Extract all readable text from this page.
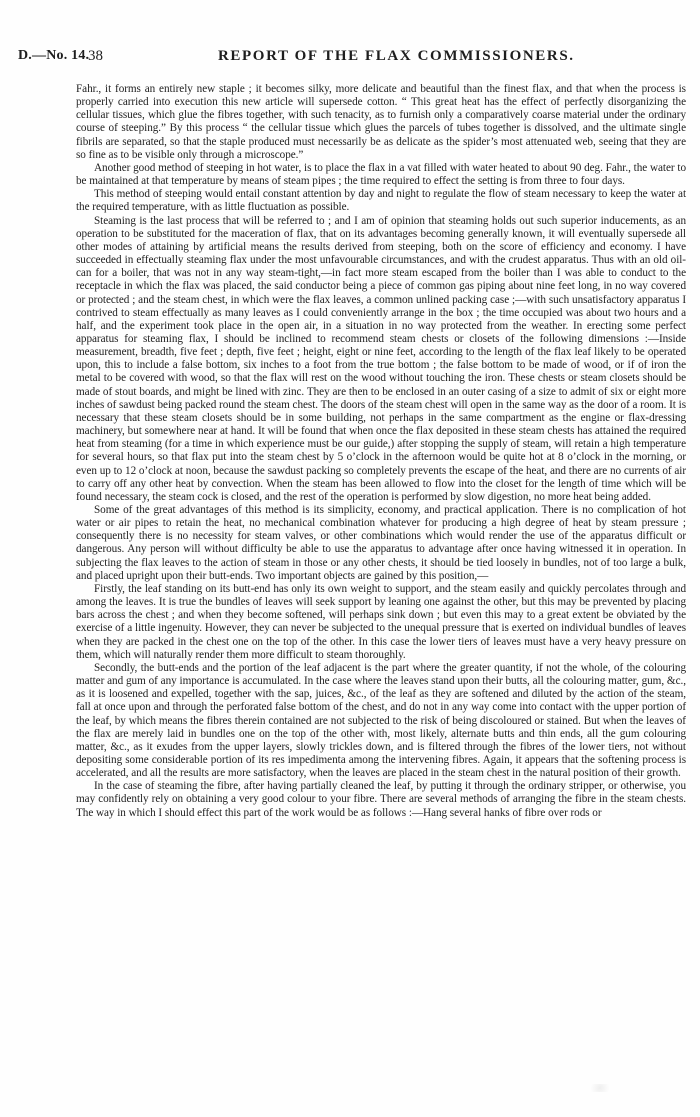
D.—No. 14.
38	REPORT OF THE FLAX COMMISSIONERS.

Fahr., it forms an entirely new staple ; it becomes silky, more delicate and beautiful than the finest flax, and that when the process is properly carried into execution this new article will supersede cotton. “ This great heat has the effect of perfectly disorganizing the cellular tissues, which glue the fibres together, with such tenacity, as to furnish only a comparatively coarse material under the ordinary course of steeping.” By this process “ the cellular tissue which glues the parcels of tubes together is dissolved, and the ultimate single fibrils are separated, so that the staple produced must necessarily be as delicate as the spider’s most attenuated web, seeing that they are so fine as to be visible only through a microscope.”

Another good method of steeping in hot water, is to place the flax in a vat filled with water heated to about 90 deg. Fahr., the water to be maintained at that temperature by means of steam pipes ; the time required to effect the setting is from three to four days.

This method of steeping would entail constant attention by day and night to regulate the flow of steam necessary to keep the water at the required temperature, with as little fluctuation as possible.

Steaming is the last process that will be referred to ; and I am of opinion that steaming holds out such superior inducements, as an operation to be substituted for the maceration of flax, that on its advantages becoming generally known, it will eventually supersede all other modes of attaining by artificial means the results derived from steeping, both on the score of efficiency and economy. I have succeeded in effectually steaming flax under the most unfavourable circumstances, and with the crudest apparatus. Thus with an old oil-can for a boiler, that was not in any way steam-tight,—in fact more steam escaped from the boiler than I was able to conduct to the receptacle in which the flax was placed, the said conductor being a piece of common gas piping about nine feet long, in no way covered or protected ; and the steam chest, in which were the flax leaves, a common unlined packing case ;—with such unsatisfactory apparatus I contrived to steam effectually as many leaves as I could conveniently arrange in the box ; the time occupied was about two hours and a half, and the experiment took place in the open air, in a situation in no way protected from the weather. In erecting some perfect apparatus for steaming flax, I should be inclined to recommend steam chests or closets of the following dimensions :—Inside measurement, breadth, five feet ; depth, five feet ; height, eight or nine feet, according to the length of the flax leaf likely to be operated upon, this to include a false bottom, six inches to a foot from the true bottom ; the false bottom to be made of wood, or if of iron the metal to be covered with wood, so that the flax will rest on the wood without touching the iron. These chests or steam closets should be made of stout boards, and might be lined with zinc. They are then to be enclosed in an outer casing of a size to admit of six or eight more inches of sawdust being packed round the steam chest. The doors of the steam chest will open in the same way as the door of a room. It is necessary that these steam closets should be in some building, not perhaps in the same compartment as the engine or flax-dressing machinery, but somewhere near at hand. It will be found that when once the flax deposited in these steam chests has attained the required heat from steaming (for a time in which experience must be our guide,) after stopping the supply of steam, will retain a high temperature for several hours, so that flax put into the steam chest by 5 o’clock in the afternoon would be quite hot at 8 o’clock in the morning, or even up to 12 o’clock at noon, because the sawdust packing so completely prevents the escape of the heat, and there are no currents of air to carry off any other heat by convection. When the steam has been allowed to flow into the closet for the length of time which will be found necessary, the steam cock is closed, and the rest of the operation is performed by slow digestion, no more heat being added.

Some of the great advantages of this method is its simplicity, economy, and practical application. There is no complication of hot water or air pipes to retain the heat, no mechanical combination whatever for producing a high degree of heat by steam pressure ; consequently there is no necessity for steam valves, or other combinations which would render the use of the apparatus difficult or dangerous. Any person will without difficulty be able to use the apparatus to advantage after once having witnessed it in operation. In subjecting the flax leaves to the action of steam in those or any other chests, it should be tied loosely in bundles, not of too large a bulk, and placed upright upon their butt-ends. Two important objects are gained by this position,—

Firstly, the leaf standing on its butt-end has only its own weight to support, and the steam easily and quickly percolates through and among the leaves. It is true the bundles of leaves will seek support by leaning one against the other, but this may be prevented by placing bars across the chest ; and when they become softened, will perhaps sink down ; but even this may to a great extent be obviated by the exercise of a little ingenuity. However, they can never be subjected to the unequal pressure that is exerted on individual bundles of leaves when they are packed in the chest one on the top of the other. In this case the lower tiers of leaves must have a very heavy pressure on them, which will naturally render them more difficult to steam thoroughly.

Secondly, the butt-ends and the portion of the leaf adjacent is the part where the greater quantity, if not the whole, of the colouring matter and gum of any importance is accumulated. In the case where the leaves stand upon their butts, all the colouring matter, gum, &c., as it is loosened and expelled, together with the sap, juices, &c., of the leaf as they are softened and diluted by the action of the steam, fall at once upon and through the perforated false bottom of the chest, and do not in any way come into contact with the upper portion of the leaf, by which means the fibres therein contained are not subjected to the risk of being discoloured or stained. But when the leaves of the flax are merely laid in bundles one on the top of the other with, most likely, alternate butts and thin ends, all the gum colouring matter, &c., as it exudes from the upper layers, slowly trickles down, and is filtered through the fibres of the lower tiers, not without depositing some considerable portion of its res impedimenta among the intervening fibres. Again, it appears that the softening process is accelerated, and all the results are more satisfactory, when the leaves are placed in the steam chest in the natural position of their growth.

In the case of steaming the fibre, after having partially cleaned the leaf, by putting it through the ordinary stripper, or otherwise, you may confidently rely on obtaining a very good colour to your fibre. There are several methods of arranging the fibre in the steam chests. The way in which I should effect this part of the work would be as follows :—Hang several hanks of fibre over rods or
